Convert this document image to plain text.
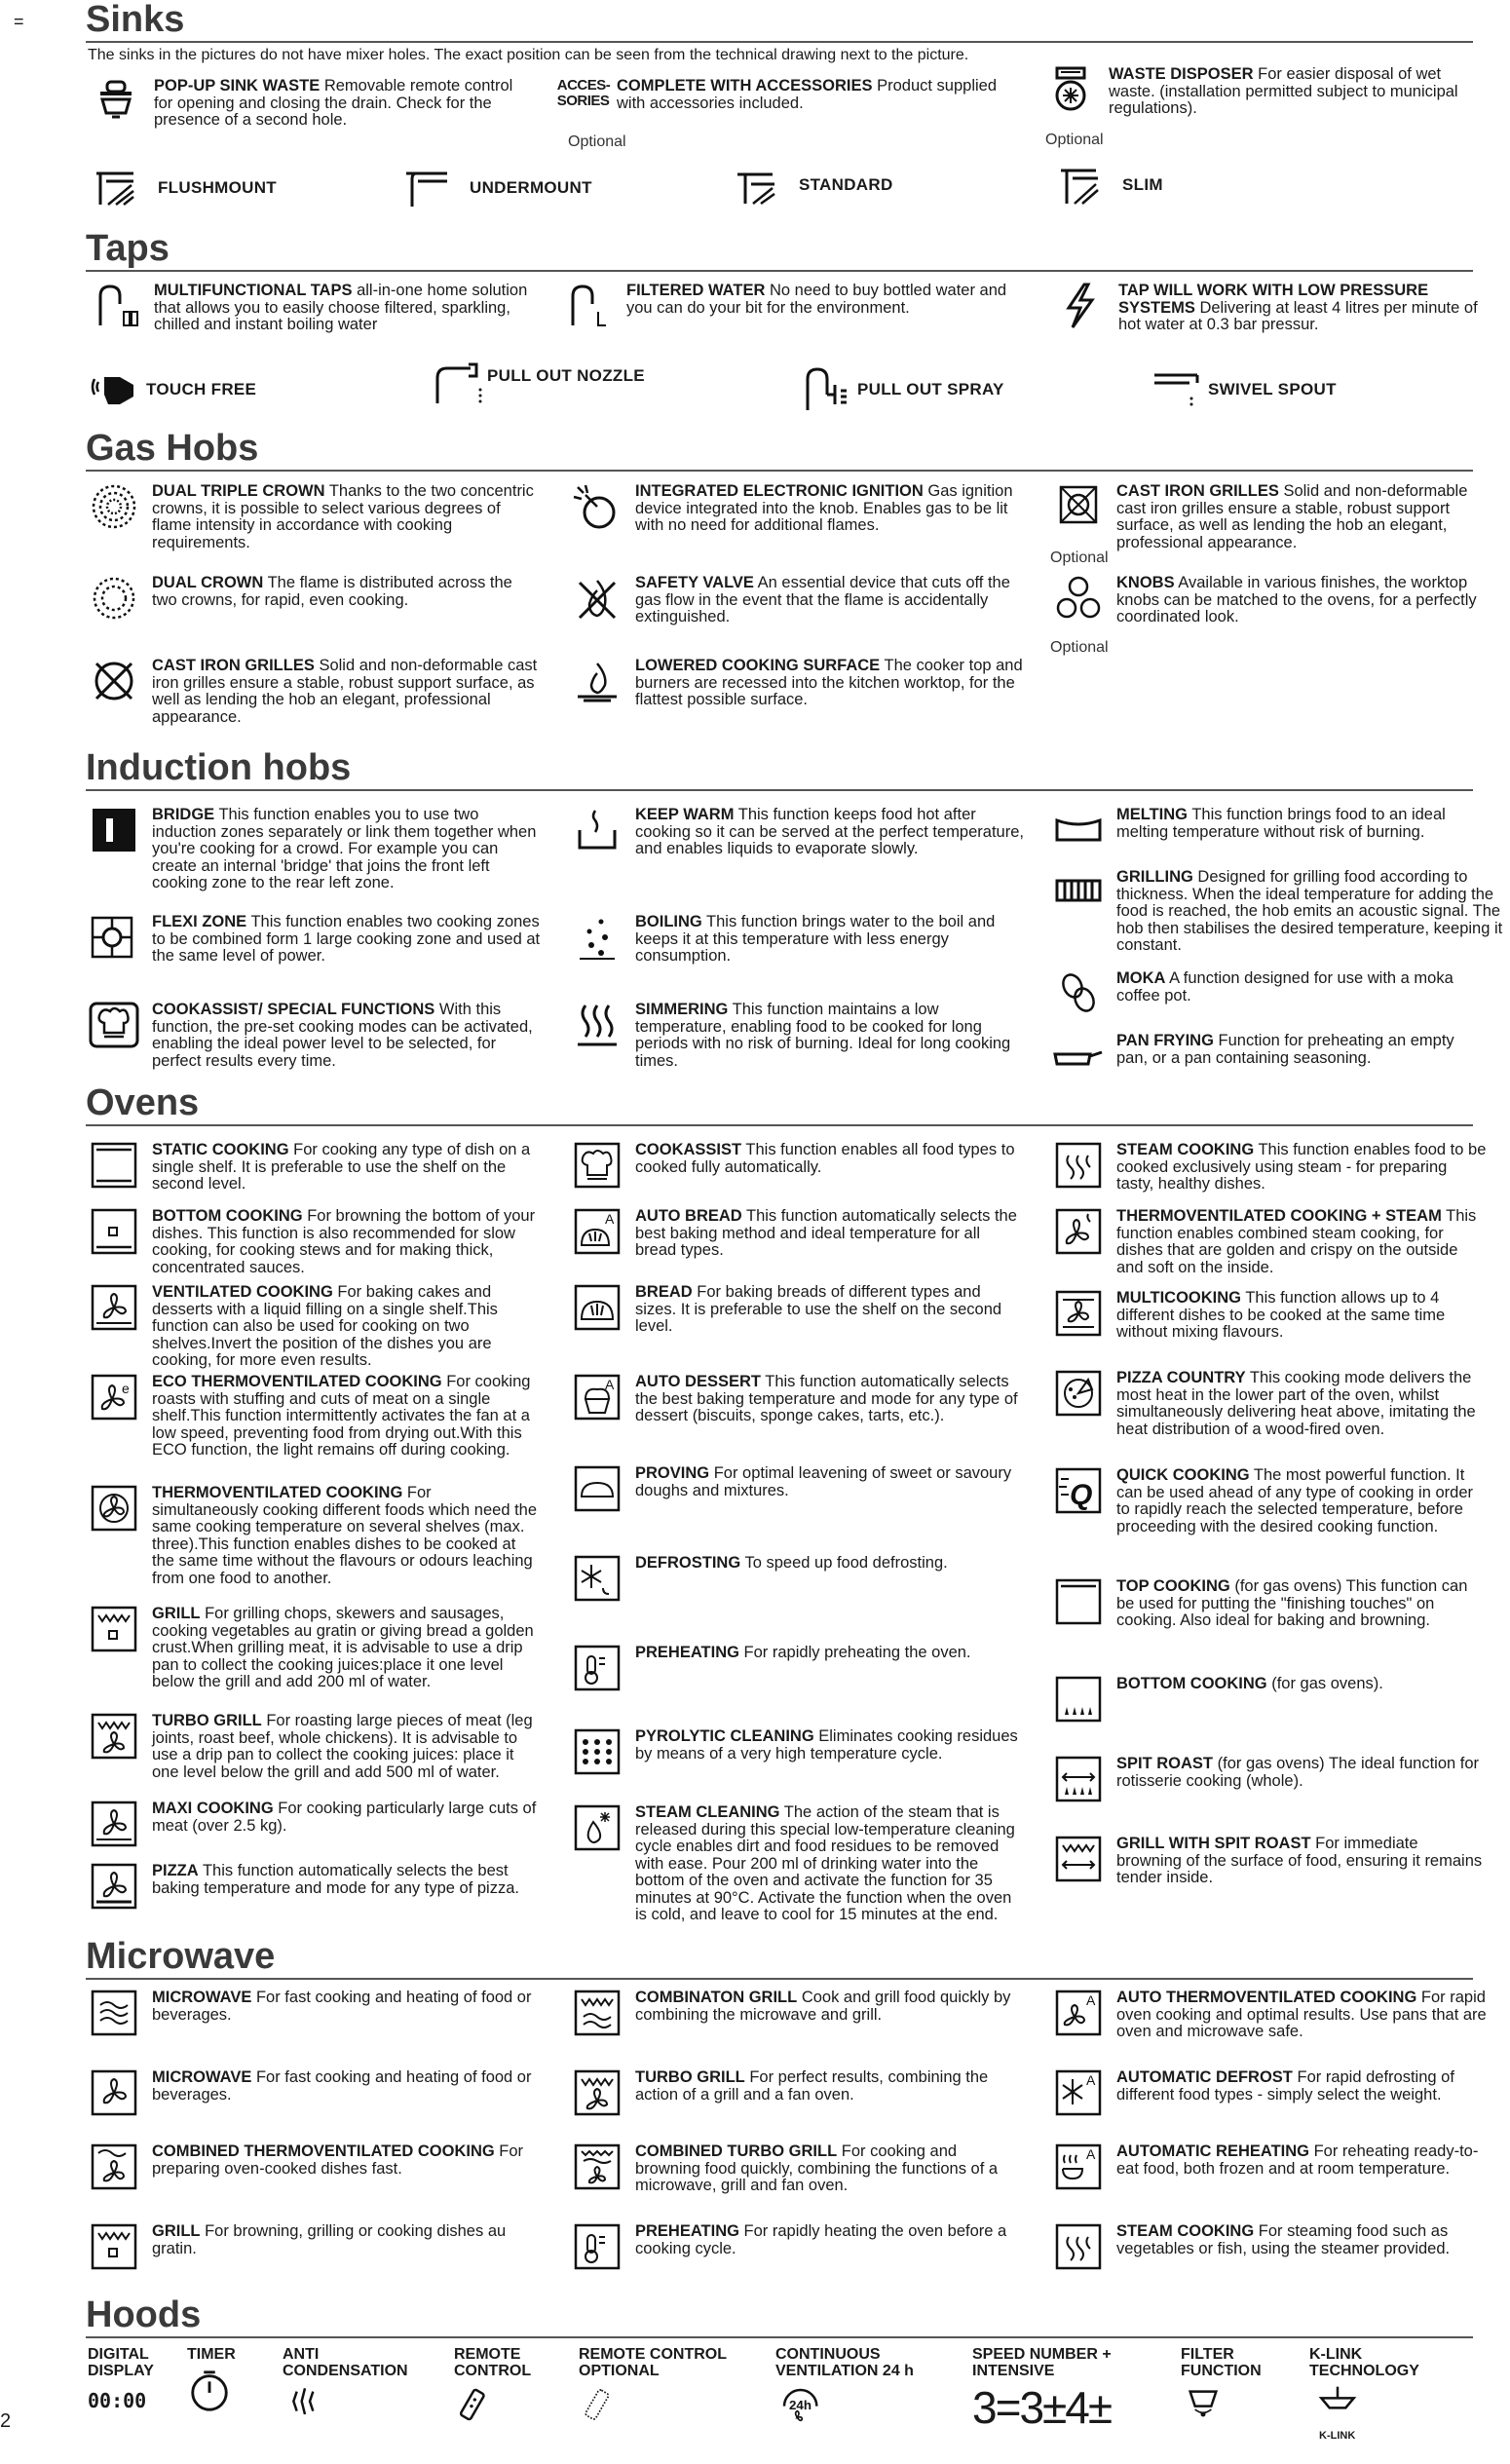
=
2
Sinks
The sinks in the pictures do not have mixer holes. The exact position can be seen from the technical drawing next to the picture.
POP-UP SINK WASTE Removable remote control for opening and closing the drain. Check for the presence of a second hole.
ACCES-SORIES
COMPLETE WITH ACCESSORIES Product supplied with accessories included.
Optional
WASTE DISPOSER For easier disposal of wet waste. (installation permitted subject to municipal regulations).
Optional
FLUSHMOUNT	UNDERMOUNT	STANDARD	SLIM
Taps
MULTIFUNCTIONAL TAPS all-in-one home solution that allows you to easily choose filtered, sparkling, chilled and instant boiling water
FILTERED WATER No need to buy bottled water and you can do your bit for the environment.
TAP WILL WORK WITH LOW PRESSURE SYSTEMS Delivering at least 4 litres per minute of hot water at 0.3 bar pressur.
TOUCH FREE
PULL OUT NOZZLE
PULL OUT SPRAY	SWIVEL SPOUT
Gas Hobs
DUAL TRIPLE CROWN Thanks to the two concentric crowns, it is possible to select various degrees of flame intensity in accordance with cooking requirements.
DUAL CROWN The flame is distributed across the two crowns, for rapid, even cooking.
CAST IRON GRILLES Solid and non-deformable cast iron grilles ensure a stable, robust support surface, as well as lending the hob an elegant, professional appearance.
INTEGRATED ELECTRONIC IGNITION Gas ignition device integrated into the knob. Enables gas to be lit with no need for additional flames.
SAFETY VALVE An essential device that cuts off the gas flow in the event that the flame is accidentally extinguished.
LOWERED COOKING SURFACE The cooker top and burners are recessed into the kitchen worktop, for the flattest possible surface.
CAST IRON GRILLES Solid and non-deformable cast iron grilles ensure a stable, robust support surface, as well as lending the hob an elegant, professional appearance.
Optional
KNOBS Available in various finishes, the worktop knobs can be matched to the ovens, for a perfectly coordinated look.
Optional
Induction hobs
BRIDGE This function enables you to use two induction zones separately or link them together when you're cooking for a crowd. For example you can create an internal 'bridge' that joins the front left cooking zone to the rear left zone.
FLEXI ZONE This function enables two cooking zones to be combined form 1 large cooking zone and used at the same level of power.
COOKASSIST/ SPECIAL FUNCTIONS With this function, the pre-set cooking modes can be activated, enabling the ideal power level to be selected, for perfect results every time.
KEEP WARM This function keeps food hot after cooking so it can be served at the perfect temperature, and enables liquids to evaporate slowly.
BOILING This function brings water to the boil and keeps it at this temperature with less energy consumption.
SIMMERING This function maintains a low temperature, enabling food to be cooked for long periods with no risk of burning. Ideal for long cooking times.
MELTING This function brings food to an ideal melting temperature without risk of burning.
GRILLING Designed for grilling food according to thickness. When the ideal temperature for adding the food is reached, the hob emits an acoustic signal. The hob then stabilises the desired temperature, keeping it constant.
MOKA A function designed for use with a moka coffee pot.
PAN FRYING Function for preheating an empty pan, or a pan containing seasoning.
Ovens
STATIC COOKING For cooking any type of dish on a single shelf. It is preferable to use the shelf on the second level.
BOTTOM COOKING For browning the bottom of your dishes. This function is also recommended for slow cooking, for cooking stews and for making thick, concentrated sauces.
VENTILATED COOKING For baking cakes and desserts with a liquid filling on a single shelf.This function can also be used for cooking on two shelves.Invert the position of the dishes you are cooking, for more even results.
e ECO THERMOVENTILATED COOKING For cooking roasts with stuffing and cuts of meat on a single shelf.This function intermittently activates the fan at a low speed, preventing food from drying out.With this ECO function, the light remains off during cooking.
THERMOVENTILATED COOKING For simultaneously cooking different foods which need the same cooking temperature on several shelves (max. three).This function enables dishes to be cooked at the same time without the flavours or odours leaching from one food to another.
GRILL For grilling chops, skewers and sausages, cooking vegetables au gratin or giving bread a golden crust.When grilling meat, it is advisable to use a drip pan to collect the cooking juices:place it one level below the grill and add 200 ml of water.
TURBO GRILL For roasting large pieces of meat (leg joints, roast beef, whole chickens). It is advisable to use a drip pan to collect the cooking juices: place it one level below the grill and add 500 ml of water.
MAXI COOKING For cooking particularly large cuts of meat (over 2.5 kg).
PIZZA This function automatically selects the best baking temperature and mode for any type of pizza.
COOKASSIST This function enables all food types to cooked fully automatically.
A AUTO BREAD This function automatically selects the best baking method and ideal temperature for all bread types.
BREAD For baking breads of different types and sizes. It is preferable to use the shelf on the second level.
A AUTO DESSERT This function automatically selects the best baking temperature and mode for any type of dessert (biscuits, sponge cakes, tarts, etc.).
PROVING For optimal leavening of sweet or savoury doughs and mixtures.
DEFROSTING To speed up food defrosting.
PREHEATING For rapidly preheating the oven.
PYROLYTIC CLEANING Eliminates cooking residues by means of a very high temperature cycle.
STEAM CLEANING The action of the steam that is released during this special low-temperature cleaning cycle enables dirt and food residues to be removed with ease. Pour 200 ml of drinking water into the bottom of the oven and activate the function for 35 minutes at 90°C. Activate the function when the oven is cold, and leave to cool for 15 minutes at the end.
STEAM COOKING This function enables food to be cooked exclusively using steam - for preparing tasty, healthy dishes.
THERMOVENTILATED COOKING + STEAM This function enables combined steam cooking, for dishes that are golden and crispy on the outside and soft on the inside.
MULTICOOKING This function allows up to 4 different dishes to be cooked at the same time without mixing flavours.
PIZZA COUNTRY This cooking mode delivers the most heat in the lower part of the oven, whilst simultaneously delivering heat above, imitating the heat distribution of a wood-fired oven.
Q
QUICK COOKING The most powerful function. It can be used ahead of any type of cooking in order to rapidly reach the selected temperature, before proceeding with the desired cooking function.
TOP COOKING (for gas ovens) This function can be used for putting the "finishing touches" on cooking. Also ideal for baking and browning.
BOTTOM COOKING (for gas ovens).
SPIT ROAST (for gas ovens) The ideal function for rotisserie cooking (whole).
GRILL WITH SPIT ROAST For immediate browning of the surface of food, ensuring it remains tender inside.
Microwave
MICROWAVE For fast cooking and heating of food or beverages.
MICROWAVE For fast cooking and heating of food or beverages.
COMBINED THERMOVENTILATED COOKING For preparing oven-cooked dishes fast.
GRILL For browning, grilling or cooking dishes au gratin.
COMBINATON GRILL Cook and grill food quickly by combining the microwave and grill.
TURBO GRILL For perfect results, combining the action of a grill and a fan oven.
COMBINED TURBO GRILL For cooking and browning food quickly, combining the functions of a microwave, grill and fan oven.
PREHEATING For rapidly heating the oven before a cooking cycle.
A AUTO THERMOVENTILATED COOKING For rapid oven cooking and optimal results. Use pans that are oven and microwave safe.
A AUTOMATIC DEFROST For rapid defrosting of different food types - simply select the weight.
A AUTOMATIC REHEATING For reheating ready-to-eat food, both frozen and at room temperature.
STEAM COOKING For steaming food such as vegetables or fish, using the steamer provided.
Hoods
DIGITAL DISPLAY
00:00
TIMER	ANTI CONDENSATION
REMOTE CONTROL
REMOTE CONTROL OPTIONAL
CONTINUOUS VENTILATION 24 h
24h
SPEED NUMBER + INTENSIVE
3=3±4±
FILTER FUNCTION
K-LINK TECHNOLOGY
K-LINK
